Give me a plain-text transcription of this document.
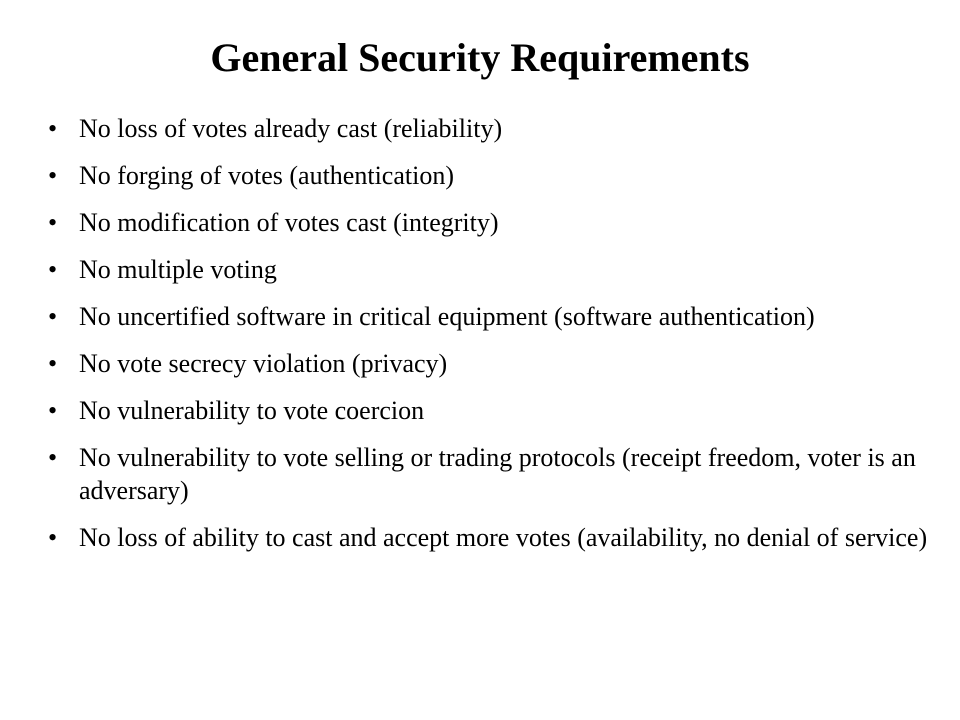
General Security Requirements
• No loss of votes already cast (reliability)
• No forging of votes (authentication)
• No modification of votes cast (integrity)
• No multiple voting
• No uncertified software in critical equipment (software authentication)
• No vote secrecy violation (privacy)
• No vulnerability to vote coercion
• No vulnerability to vote selling or trading protocols (receipt freedom, voter is an adversary)
• No loss of ability to cast and accept more votes (availability, no denial of service)
